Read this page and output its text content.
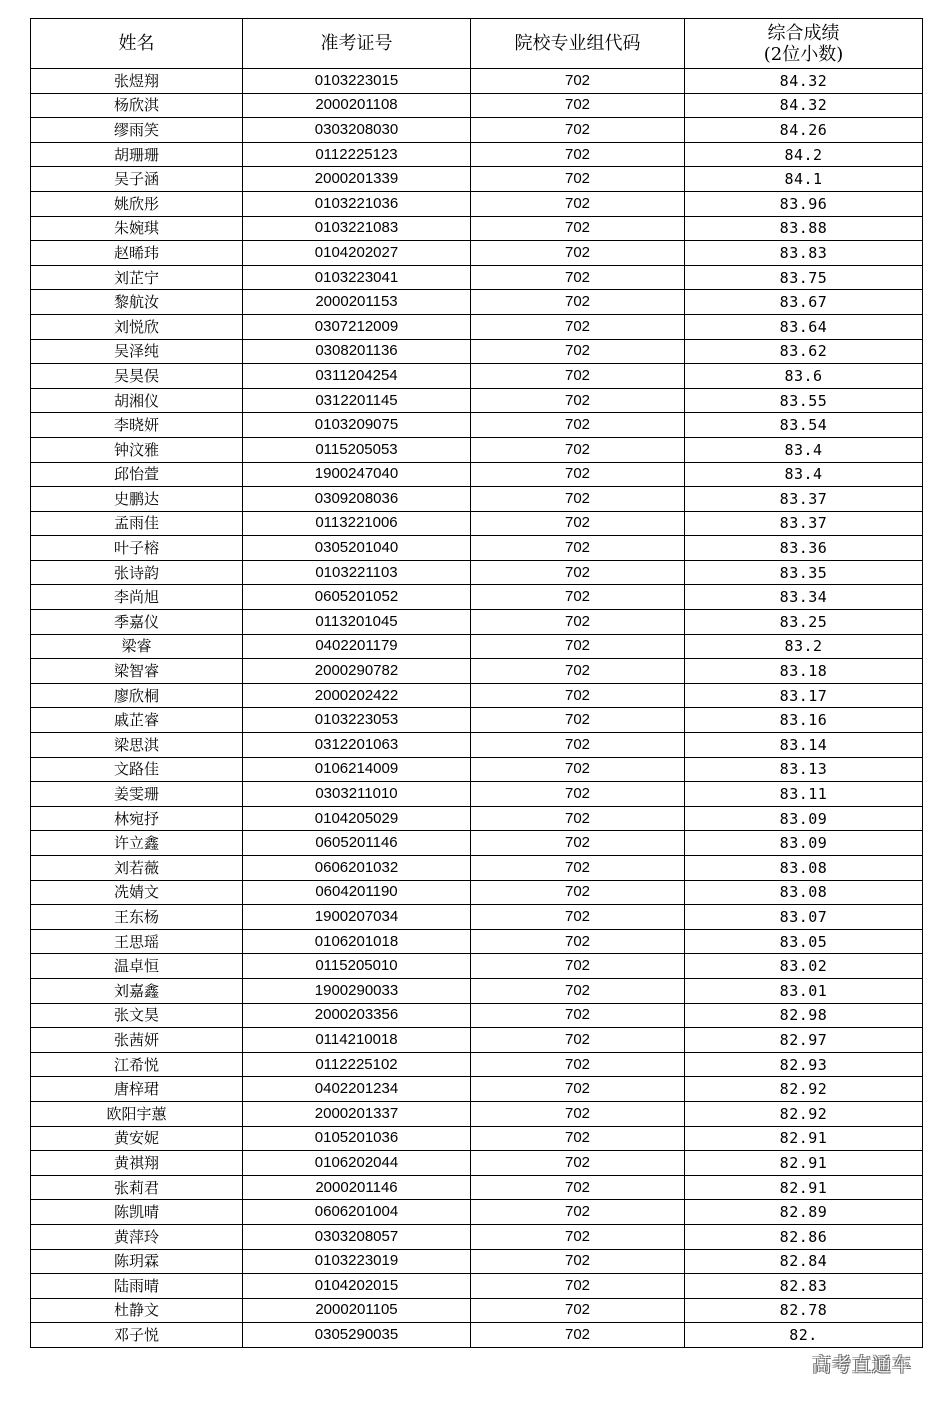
姓名	准考证号	院校专业组代码	综合成绩
(2位小数)

张煜翔	0103223015	702	84.32
杨欣淇	2000201108	702	84.32
缪雨笑	0303208030	702	84.26
胡珊珊	0112225123	702	84.2
吴子涵	2000201339	702	84.1
姚欣彤	0103221036	702	83.96
朱婉琪	0103221083	702	83.88
赵晞玮	0104202027	702	83.83
刘芷宁	0103223041	702	83.75
黎航汝	2000201153	702	83.67
刘悦欣	0307212009	702	83.64
吴泽纯	0308201136	702	83.62
吴昊俣	0311204254	702	83.6
胡湘仪	0312201145	702	83.55
李晓妍	0103209075	702	83.54
钟汶雅	0115205053	702	83.4
邱怡萱	1900247040	702	83.4
史鹏达	0309208036	702	83.37
孟雨佳	0113221006	702	83.37
叶子榕	0305201040	702	83.36
张诗韵	0103221103	702	83.35
李尚旭	0605201052	702	83.34
季嘉仪	0113201045	702	83.25
梁睿	0402201179	702	83.2
梁智睿	2000290782	702	83.18
廖欣桐	2000202422	702	83.17
戚芷睿	0103223053	702	83.16
梁思淇	0312201063	702	83.14
文路佳	0106214009	702	83.13
姜雯珊	0303211010	702	83.11
林宛抒	0104205029	702	83.09
许立鑫	0605201146	702	83.09
刘若薇	0606201032	702	83.08
冼婧文	0604201190	702	83.08
王东杨	1900207034	702	83.07
王思瑶	0106201018	702	83.05
温卓恒	0115205010	702	83.02
刘嘉鑫	1900290033	702	83.01
张文昊	2000203356	702	82.98
张茜妍	0114210018	702	82.97
江希悦	0112225102	702	82.93
唐梓珺	0402201234	702	82.92
欧阳宇蕙	2000201337	702	82.92
黄安妮	0105201036	702	82.91
黄祺翔	0106202044	702	82.91
张莉君	2000201146	702	82.91
陈凯晴	0606201004	702	82.89
黄萍玲	0303208057	702	82.86
陈玥霖	0103223019	702	82.84
陆雨晴	0104202015	702	82.83
杜静文	2000201105	702	82.78
邓子悦	0305290035	702	82.
高考直通车
